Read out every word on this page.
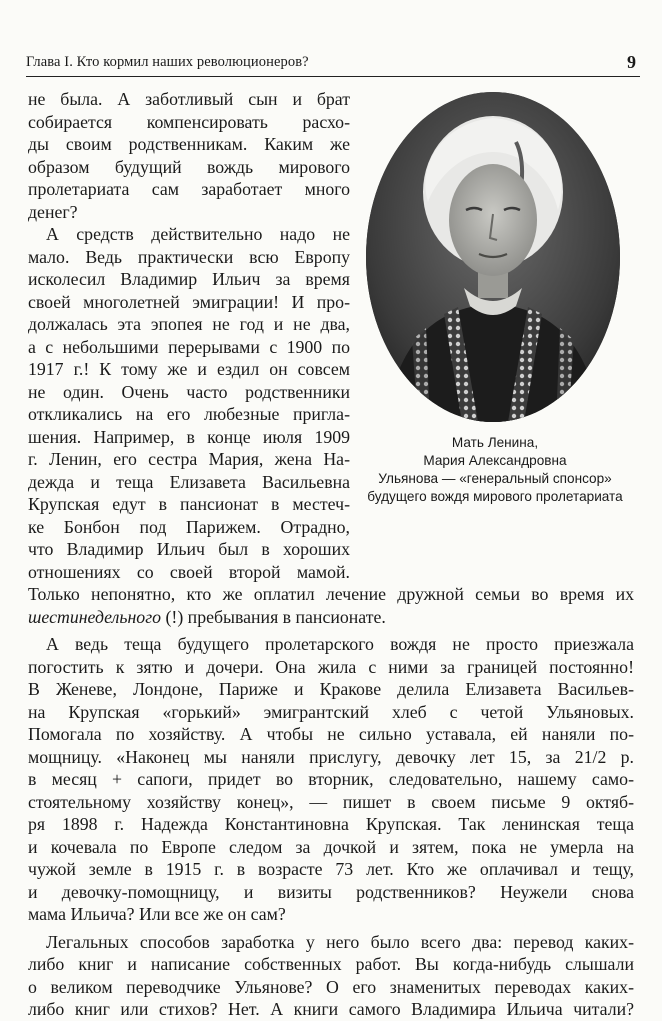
Глава I. Кто кормил наших революционеров?	9
не была. А заботливый сын и брат
собирается компенсировать расхо-
ды своим родственникам. Каким же
образом будущий вождь мирового
пролетариата сам заработает много
денег?
А средств действительно надо не
мало. Ведь практически всю Европу
исколесил Владимир Ильич за время
своей многолетней эмиграции! И про-
должалась эта эпопея не год и не два,
а с небольшими перерывами с 1900 по
1917 г.! К тому же и ездил он совсем
не один. Очень часто родственники
откликались на его любезные пригла-
шения. Например, в конце июля 1909
г. Ленин, его сестра Мария, жена На-
дежда и теща Елизавета Васильевна
Крупская едут в пансионат в местеч-
ке Бонбон под Парижем. Отрадно,
что Владимир Ильич был в хороших
отношениях со своей второй мамой.
Мать Ленина,
Мария Александровна
Ульянова — «генеральный спонсор»
будущего вождя мирового пролетариата
Только непонятно, кто же оплатил лечение дружной семьи во время их
шестинедельного (!) пребывания в пансионате.
А ведь теща будущего пролетарского вождя не просто приезжала
погостить к зятю и дочери. Она жила с ними за границей постоянно!
В Женеве, Лондоне, Париже и Кракове делила Елизавета Васильев-
на Крупская «горький» эмигрантский хлеб с четой Ульяновых.
Помогала по хозяйству. А чтобы не сильно уставала, ей наняли по-
мощницу. «Наконец мы наняли прислугу, девочку лет 15, за 21/2 р.
в месяц + сапоги, придет во вторник, следовательно, нашему само-
стоятельному хозяйству конец», — пишет в своем письме 9 октяб-
ря 1898 г. Надежда Константиновна Крупская. Так ленинская теща
и кочевала по Европе следом за дочкой и зятем, пока не умерла на
чужой земле в 1915 г. в возрасте 73 лет. Кто же оплачивал и тещу,
и девочку-помощницу, и визиты родственников? Неужели снова
мама Ильича? Или все же он сам?
Легальных способов заработка у него было всего два: перевод каких-
либо книг и написание собственных работ. Вы когда-нибудь слышали
о великом переводчике Ульянове? О его знаменитых переводах каких-
либо книг или стихов? Нет. А книги самого Владимира Ильича читали?
